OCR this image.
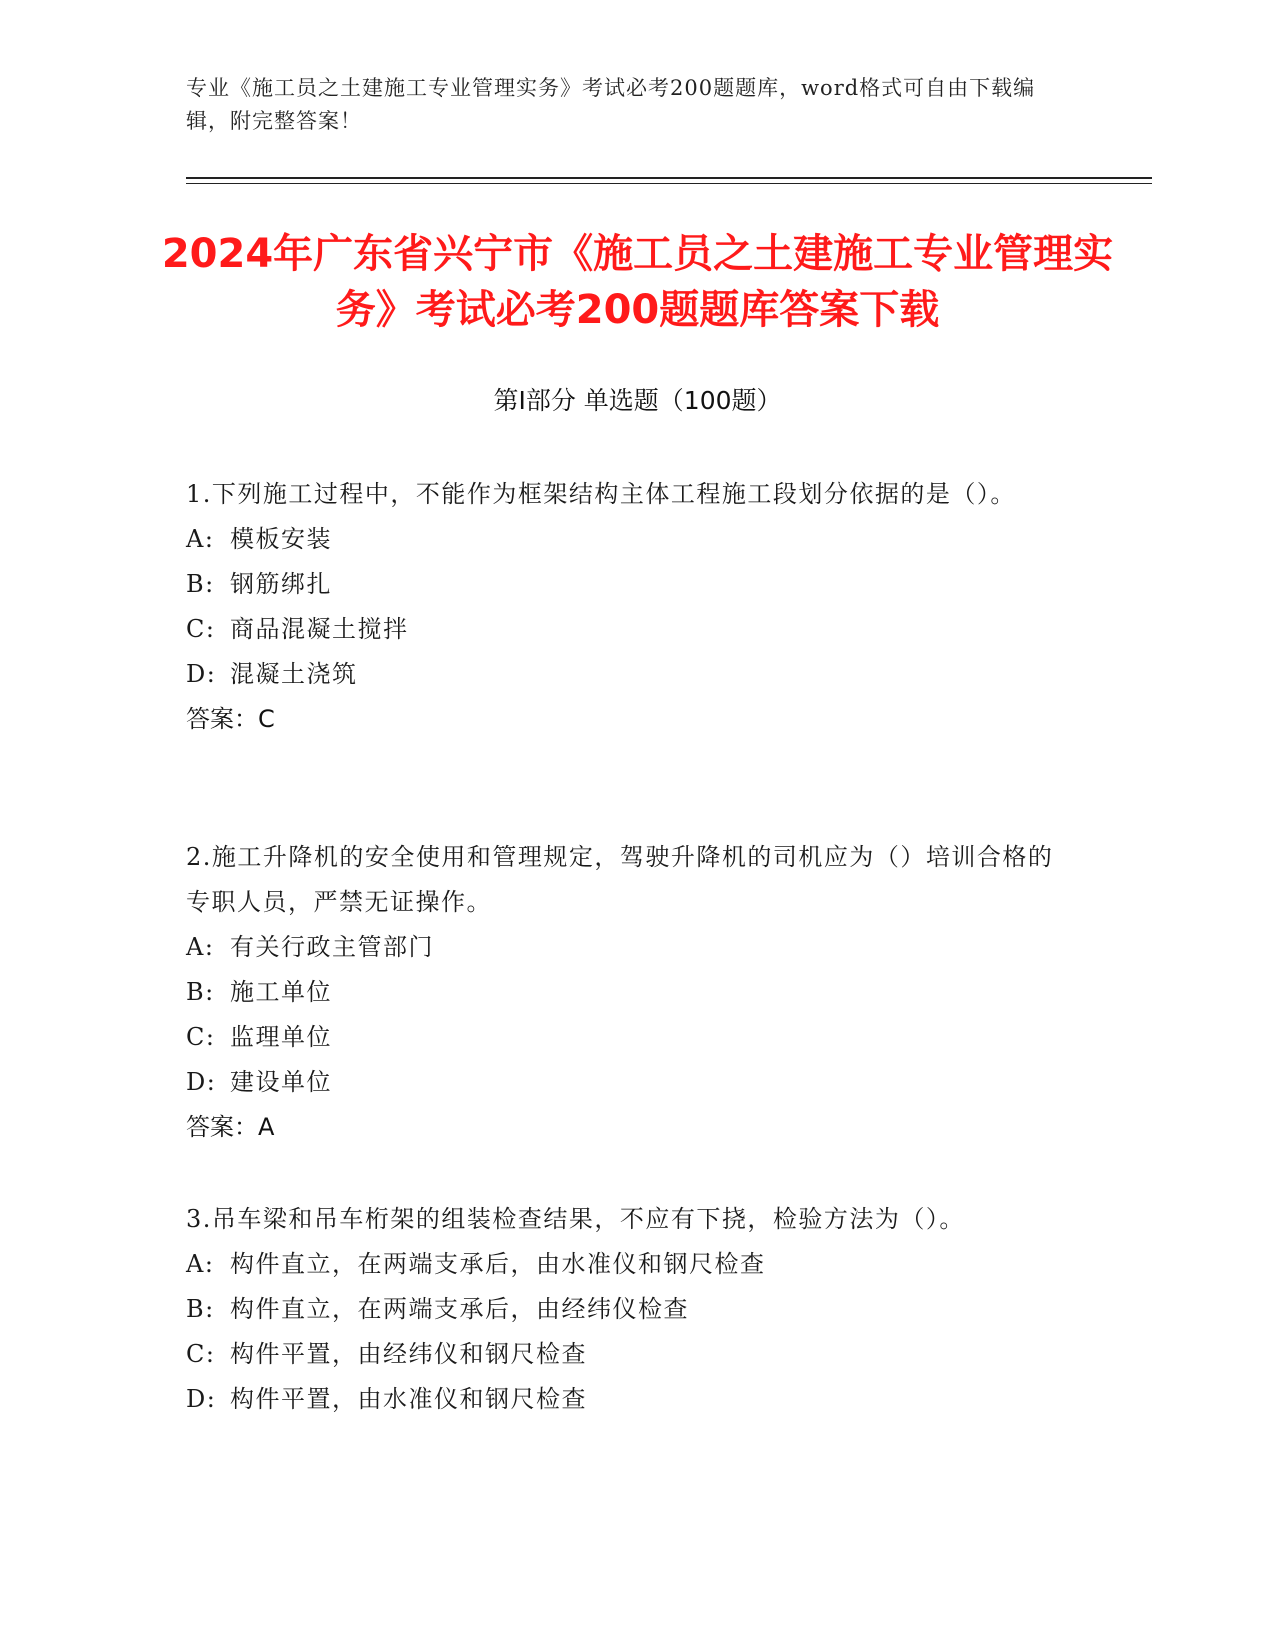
专业《施工员之土建施工专业管理实务》考试必考200题题库，word格式可自由下载编辑，附完整答案！
2024年广东省兴宁市《施工员之土建施工专业管理实务》考试必考200题题库答案下载
第Ⅰ部分 单选题（100题）
1.下列施工过程中，不能作为框架结构主体工程施工段划分依据的是（）。
A: 模板安装
B: 钢筋绑扎
C: 商品混凝土搅拌
D: 混凝土浇筑
答案：C
2.施工升降机的安全使用和管理规定，驾驶升降机的司机应为（）培训合格的专职人员，严禁无证操作。
A: 有关行政主管部门
B: 施工单位
C: 监理单位
D: 建设单位
答案：A
3.吊车梁和吊车桁架的组装检查结果，不应有下挠，检验方法为（）。
A: 构件直立，在两端支承后，由水准仪和钢尺检查
B: 构件直立，在两端支承后，由经纬仪检查
C: 构件平置，由经纬仪和钢尺检查
D: 构件平置，由水准仪和钢尺检查
